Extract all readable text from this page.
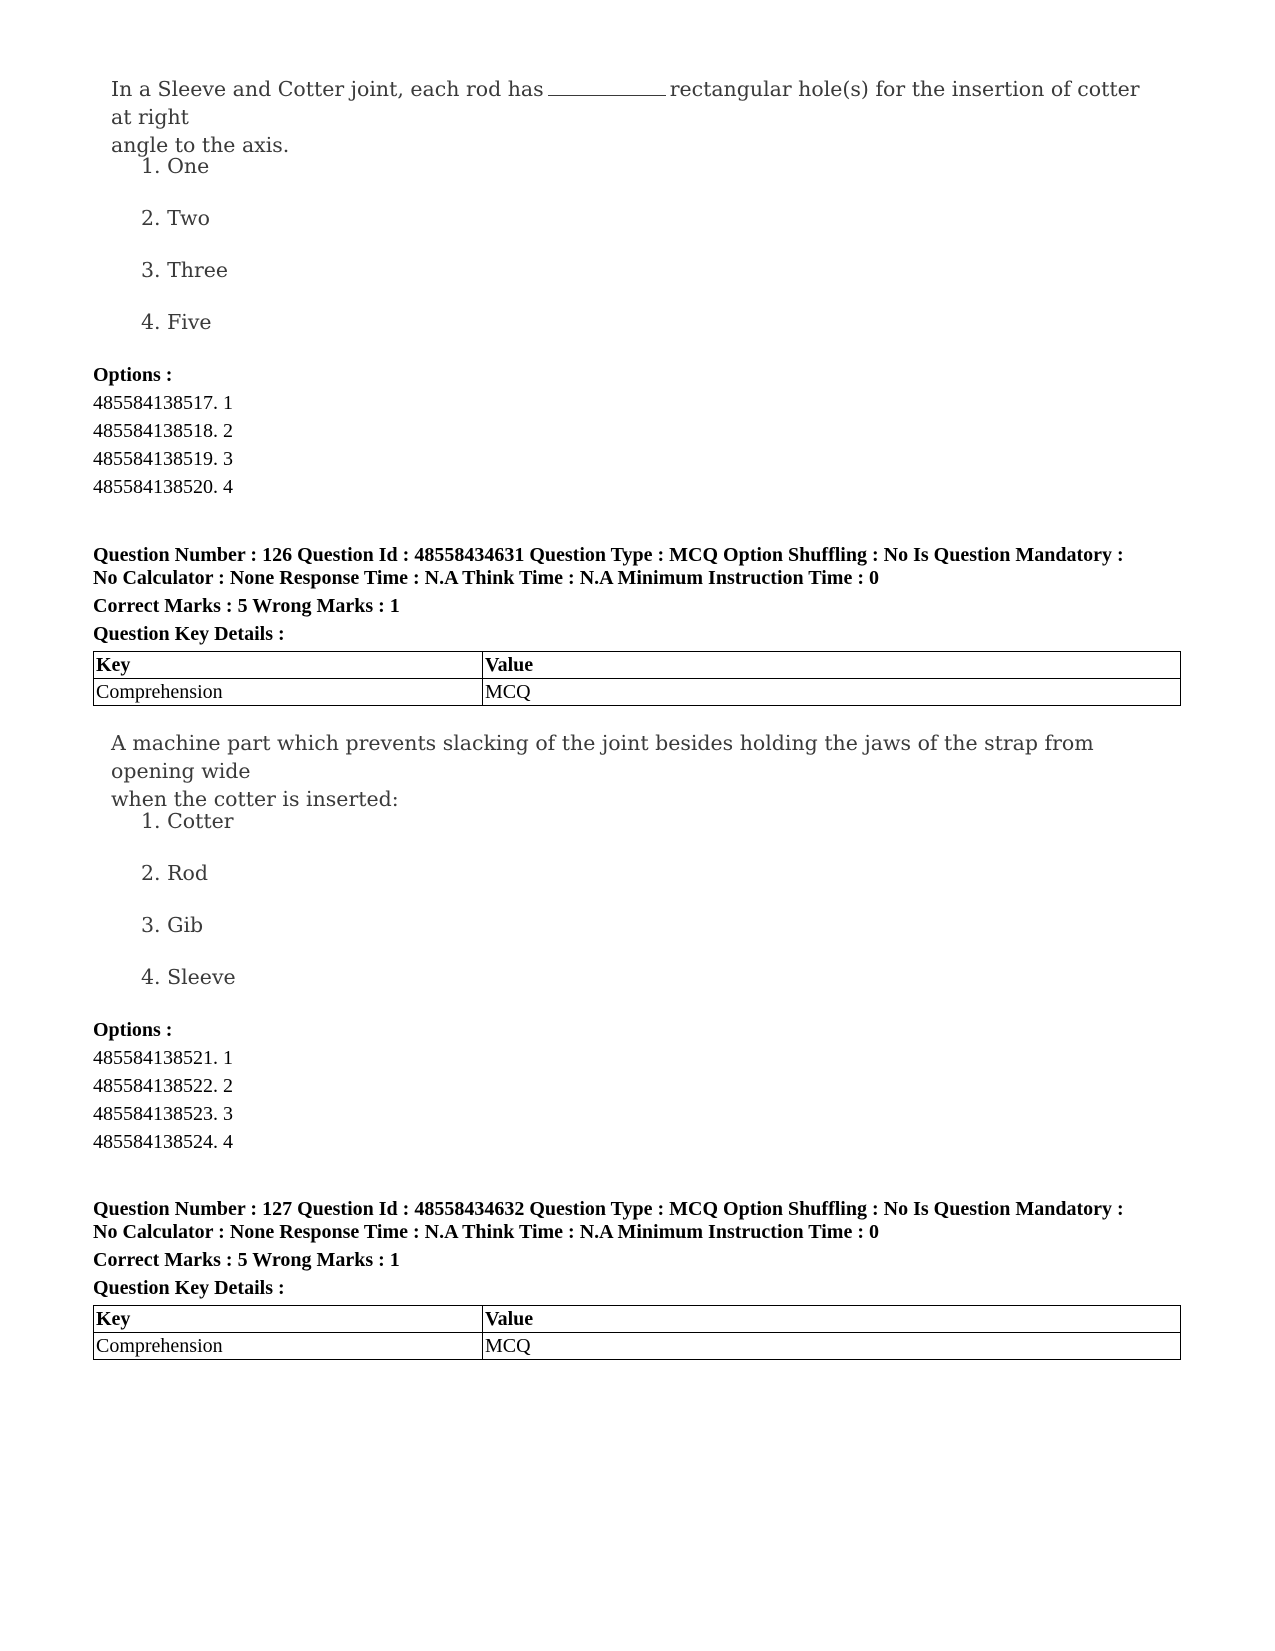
In a Sleeve and Cotter joint, each rod has	rectangular hole(s) for the insertion of cotter at right
angle to the axis.
1. One
2. Two
3. Three
4. Five
Options :
485584138517. 1
485584138518. 2
485584138519. 3
485584138520. 4
Question Number : 126 Question Id : 48558434631 Question Type : MCQ Option Shuffling : No Is Question Mandatory :
No Calculator : None Response Time : N.A Think Time : N.A Minimum Instruction Time : 0
Correct Marks : 5 Wrong Marks : 1
Question Key Details :
Key	Value
Comprehension	MCQ
A machine part which prevents slacking of the joint besides holding the jaws of the strap from opening wide
when the cotter is inserted:
1. Cotter
2. Rod
3. Gib
4. Sleeve
Options :
485584138521. 1
485584138522. 2
485584138523. 3
485584138524. 4
Question Number : 127 Question Id : 48558434632 Question Type : MCQ Option Shuffling : No Is Question Mandatory :
No Calculator : None Response Time : N.A Think Time : N.A Minimum Instruction Time : 0
Correct Marks : 5 Wrong Marks : 1
Question Key Details :
Key	Value
Comprehension	MCQ
